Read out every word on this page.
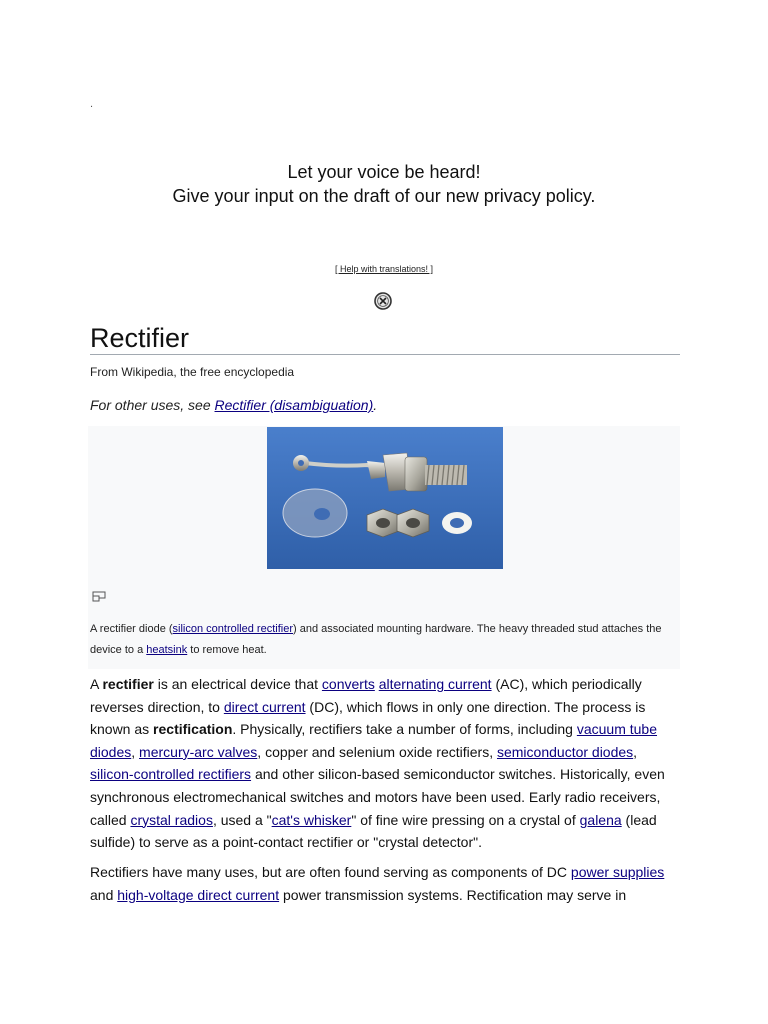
.
Let your voice be heard!
Give your input on the draft of our new privacy policy.
[ Help with translations! ]
Rectifier
From Wikipedia, the free encyclopedia
For other uses, see Rectifier (disambiguation).
A rectifier diode (silicon controlled rectifier) and associated mounting hardware. The heavy threaded stud attaches the device to a heatsink to remove heat.
A rectifier is an electrical device that converts alternating current (AC), which periodically reverses direction, to direct current (DC), which flows in only one direction. The process is known as rectification. Physically, rectifiers take a number of forms, including vacuum tube diodes, mercury-arc valves, copper and selenium oxide rectifiers, semiconductor diodes, silicon-controlled rectifiers and other silicon-based semiconductor switches. Historically, even synchronous electromechanical switches and motors have been used. Early radio receivers, called crystal radios, used a "cat's whisker" of fine wire pressing on a crystal of galena (lead sulfide) to serve as a point-contact rectifier or "crystal detector".
Rectifiers have many uses, but are often found serving as components of DC power supplies and high-voltage direct current power transmission systems. Rectification may serve in
